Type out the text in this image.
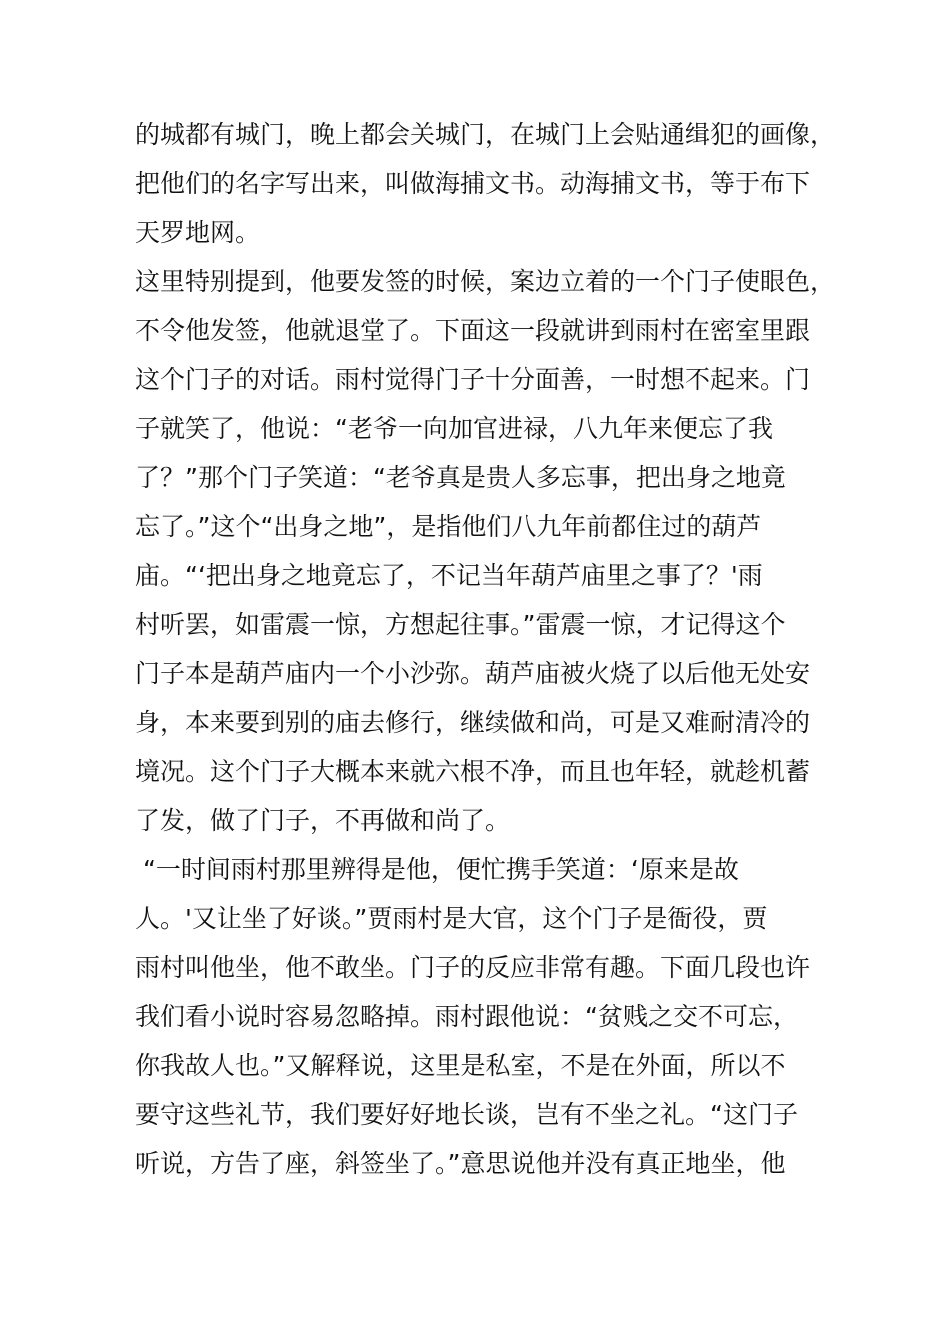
的城都有城门，晚上都会关城门，在城门上会贴通缉犯的画像，
把他们的名字写出来，叫做海捕文书。动海捕文书，等于布下
天罗地网。
这里特别提到，他要发签的时候，案边立着的一个门子使眼色，
不令他发签，他就退堂了。下面这一段就讲到雨村在密室里跟
这个门子的对话。雨村觉得门子十分面善，一时想不起来。门
子就笑了，他说：“老爷一向加官进禄，八九年来便忘了我
了？”那个门子笑道：“老爷真是贵人多忘事，把出身之地竟
忘了。”这个“出身之地”，是指他们八九年前都住过的葫芦
庙。“‘把出身之地竟忘了，不记当年葫芦庙里之事了？'雨
村听罢，如雷震一惊，方想起往事。”雷震一惊，才记得这个
门子本是葫芦庙内一个小沙弥。葫芦庙被火烧了以后他无处安
身，本来要到别的庙去修行，继续做和尚，可是又难耐清冷的
境况。这个门子大概本来就六根不净，而且也年轻，就趁机蓄
了发，做了门子，不再做和尚了。
“一时间雨村那里辨得是他，便忙携手笑道：‘原来是故
人。'又让坐了好谈。”贾雨村是大官，这个门子是衙役，贾
雨村叫他坐，他不敢坐。门子的反应非常有趣。下面几段也许
我们看小说时容易忽略掉。雨村跟他说：“贫贱之交不可忘，
你我故人也。”又解释说，这里是私室，不是在外面，所以不
要守这些礼节，我们要好好地长谈，岂有不坐之礼。“这门子
听说，方告了座，斜签坐了。”意思说他并没有真正地坐，他
